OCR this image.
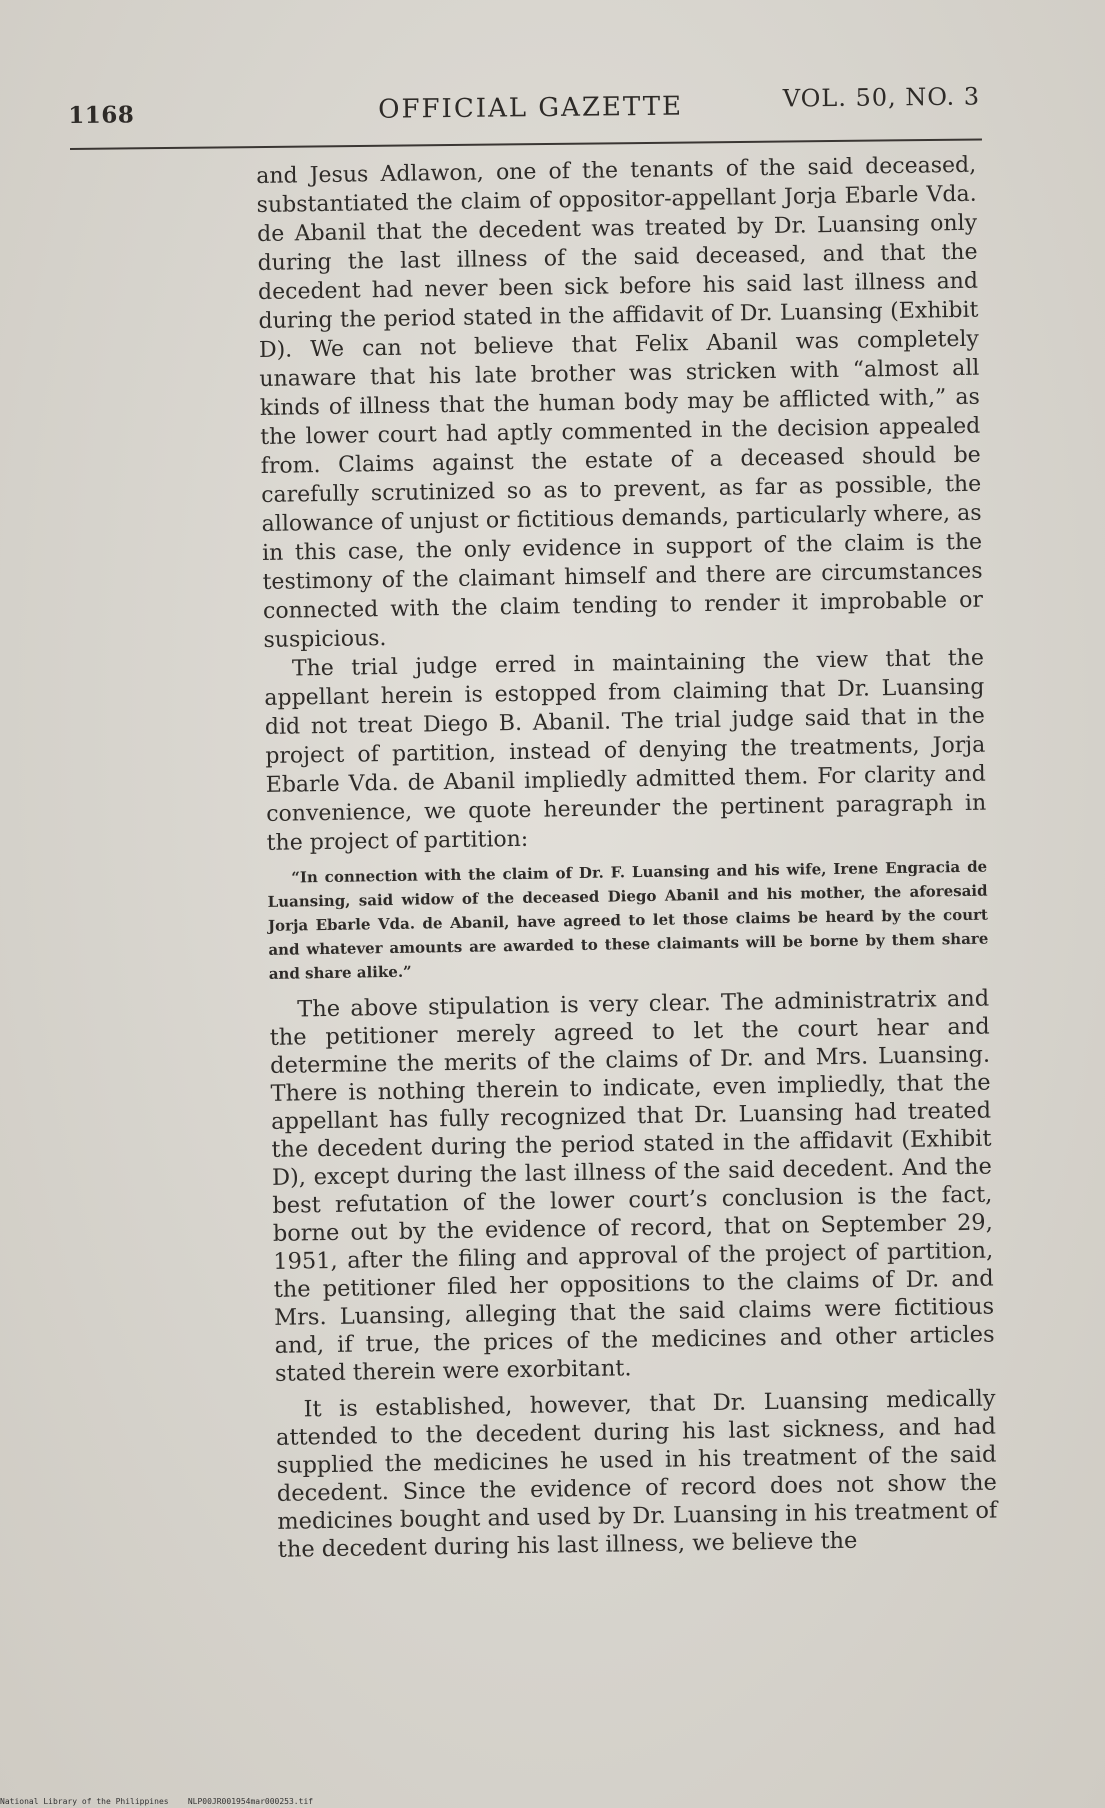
1168	OFFICIAL GAZETTE	VOL. 50, NO. 3

and Jesus Adlawon, one of the tenants of the said deceased, substantiated the claim of oppositor-appellant Jorja Ebarle Vda. de Abanil that the decedent was treated by Dr. Luansing only during the last illness of the said deceased, and that the decedent had never been sick before his said last illness and during the period stated in the affidavit of Dr. Luansing (Exhibit D). We can not believe that Felix Abanil was completely unaware that his late brother was stricken with “almost all kinds of illness that the human body may be afflicted with,” as the lower court had aptly commented in the decision appealed from. Claims against the estate of a deceased should be carefully scrutinized so as to prevent, as far as possible, the allowance of unjust or fictitious demands, particularly where, as in this case, the only evidence in support of the claim is the testimony of the claimant himself and there are circumstances connected with the claim tending to render it improbable or suspicious.

The trial judge erred in maintaining the view that the appellant herein is estopped from claiming that Dr. Luansing did not treat Diego B. Abanil. The trial judge said that in the project of partition, instead of denying the treatments, Jorja Ebarle Vda. de Abanil impliedly admitted them. For clarity and convenience, we quote hereunder the pertinent paragraph in the project of partition:

“In connection with the claim of Dr. F. Luansing and his wife, Irene Engracia de Luansing, said widow of the deceased Diego Abanil and his mother, the aforesaid Jorja Ebarle Vda. de Abanil, have agreed to let those claims be heard by the court and whatever amounts are awarded to these claimants will be borne by them share and share alike.”

The above stipulation is very clear. The administratrix and the petitioner merely agreed to let the court hear and determine the merits of the claims of Dr. and Mrs. Luansing. There is nothing therein to indicate, even impliedly, that the appellant has fully recognized that Dr. Luansing had treated the decedent during the period stated in the affidavit (Exhibit D), except during the last illness of the said decedent. And the best refutation of the lower court’s conclusion is the fact, borne out by the evidence of record, that on September 29, 1951, after the filing and approval of the project of partition, the petitioner filed her oppositions to the claims of Dr. and Mrs. Luansing, alleging that the said claims were fictitious and, if true, the prices of the medicines and other articles stated therein were exorbitant.

It is established, however, that Dr. Luansing medically attended to the decedent during his last sickness, and had supplied the medicines he used in his treatment of the said decedent. Since the evidence of record does not show the medicines bought and used by Dr. Luansing in his treatment of the decedent during his last illness, we believe the

National Library of the Philippines NLP00JR001954mar000253.tif
